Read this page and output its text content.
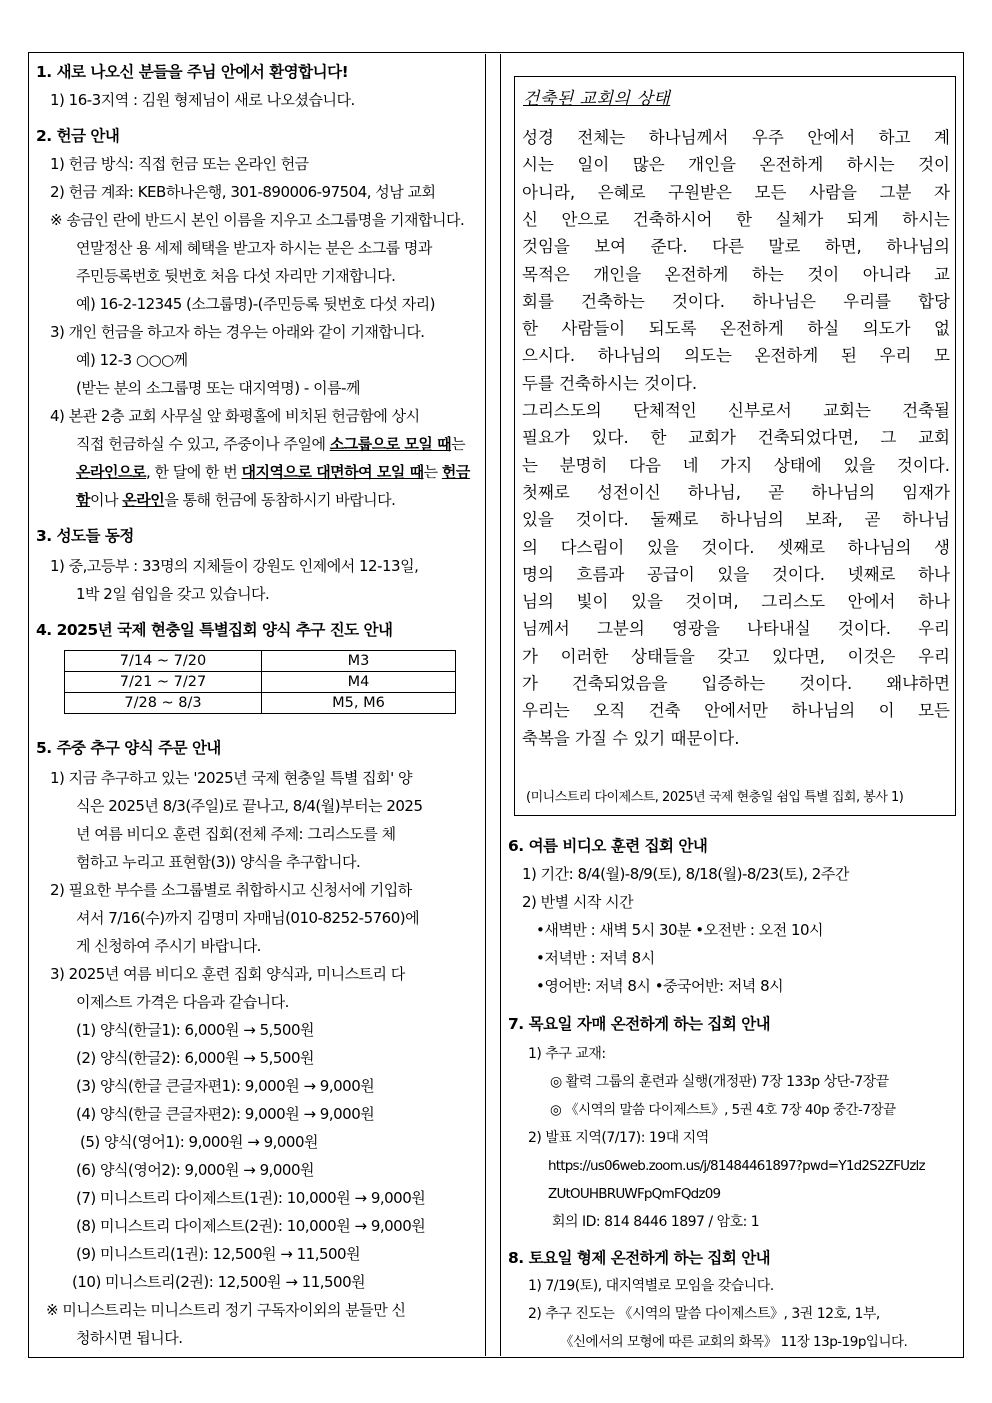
1. 새로 나오신 분들을 주님 안에서 환영합니다!
1) 16-3지역 : 김원 형제님이 새로 나오셨습니다.
2. 헌금 안내
1) 헌금 방식: 직접 헌금 또는 온라인 헌금
2) 헌금 계좌: KEB하나은행, 301-890006-97504, 성남 교회
※ 송금인 란에 반드시 본인 이름을 지우고 소그룹명을 기재합니다.
연말정산 용 세제 혜택을 받고자 하시는 분은 소그룹 명과
주민등록번호 뒷번호 처음 다섯 자리만 기재합니다.
예) 16-2-12345 (소그룹명)-(주민등록 뒷번호 다섯 자리)
3) 개인 헌금을 하고자 하는 경우는 아래와 같이 기재합니다.
예) 12-3 ○○○께
(받는 분의 소그룹명 또는 대지역명) - 이름-께
4) 본관 2층 교회 사무실 앞 화평홀에 비치된 헌금함에 상시
직접 헌금하실 수 있고, 주중이나 주일에 소그룹으로 모일 때는
온라인으로, 한 달에 한 번 대지역으로 대면하여 모일 때는 헌금
함이나 온라인을 통해 헌금에 동참하시기 바랍니다.
3. 성도들 동정
1) 중,고등부 : 33명의 지체들이 강원도 인제에서 12-13일,
1박 2일 쉼입을 갖고 있습니다.
4. 2025년 국제 현충일 특별집회 양식 추구 진도 안내
7/14 ~ 7/20	M3
7/21 ~ 7/27	M4
7/28 ~ 8/3	M5, M6
5. 주중 추구 양식 주문 안내
1) 지금 추구하고 있는 '2025년 국제 현충일 특별 집회' 양
식은 2025년 8/3(주일)로 끝나고, 8/4(월)부터는 2025
년 여름 비디오 훈련 집회(전체 주제: 그리스도를 체
험하고 누리고 표현함(3)) 양식을 추구합니다.
2) 필요한 부수를 소그룹별로 취합하시고 신청서에 기입하
셔서 7/16(수)까지 김명미 자매님(010-8252-5760)에
게 신청하여 주시기 바랍니다.
3) 2025년 여름 비디오 훈련 집회 양식과, 미니스트리 다
이제스트 가격은 다음과 같습니다.
(1) 양식(한글1): 6,000원 → 5,500원
(2) 양식(한글2): 6,000원 → 5,500원
(3) 양식(한글 큰글자편1): 9,000원 → 9,000원
(4) 양식(한글 큰글자편2): 9,000원 → 9,000원
(5) 양식(영어1): 9,000원 → 9,000원
(6) 양식(영어2): 9,000원 → 9,000원
(7) 미니스트리 다이제스트(1권): 10,000원 → 9,000원
(8) 미니스트리 다이제스트(2권): 10,000원 → 9,000원
(9) 미니스트리(1권): 12,500원 → 11,500원
(10) 미니스트리(2권): 12,500원 → 11,500원
※ 미니스트리는 미니스트리 정기 구독자이외의 분들만 신
청하시면 됩니다.
건축된 교회의 상태
성경 전체는 하나님께서 우주 안에서 하고 계
시는 일이 많은 개인을 온전하게 하시는 것이
아니라, 은혜로 구원받은 모든 사람을 그분 자
신 안으로 건축하시어 한 실체가 되게 하시는
것임을 보여 준다. 다른 말로 하면, 하나님의
목적은 개인을 온전하게 하는 것이 아니라 교
회를 건축하는 것이다. 하나님은 우리를 합당
한 사람들이 되도록 온전하게 하실 의도가 없
으시다. 하나님의 의도는 온전하게 된 우리 모
두를 건축하시는 것이다.
그리스도의 단체적인 신부로서 교회는 건축될
필요가 있다. 한 교회가 건축되었다면, 그 교회
는 분명히 다음 네 가지 상태에 있을 것이다.
첫째로 성전이신 하나님, 곧 하나님의 임재가
있을 것이다. 둘째로 하나님의 보좌, 곧 하나님
의 다스림이 있을 것이다. 셋째로 하나님의 생
명의 흐름과 공급이 있을 것이다. 넷째로 하나
님의 빛이 있을 것이며, 그리스도 안에서 하나
님께서 그분의 영광을 나타내실 것이다. 우리
가 이러한 상태들을 갖고 있다면, 이것은 우리
가 건축되었음을 입증하는 것이다. 왜냐하면
우리는 오직 건축 안에서만 하나님의 이 모든
축복을 가질 수 있기 때문이다.
(미니스트리 다이제스트, 2025년 국제 현충일 쉼입 특별 집회, 봉사 1)
6. 여름 비디오 훈련 집회 안내
1) 기간: 8/4(월)-8/9(토), 8/18(월)-8/23(토), 2주간
2) 반별 시작 시간
•새벽반 : 새벽 5시 30분 •오전반 : 오전 10시
•저녁반 : 저녁 8시
•영어반: 저녁 8시 •중국어반: 저녁 8시
7. 목요일 자매 온전하게 하는 집회 안내
1) 추구 교재:
◎ 활력 그룹의 훈련과 실행(개정판) 7장 133p 상단-7장끝
◎ 《시역의 말씀 다이제스트》, 5권 4호 7장 40p 중간-7장끝
2) 발표 지역(7/17): 19대 지역
https://us06web.zoom.us/j/81484461897?pwd=Y1d2S2ZFUzlz
ZUtOUHBRUWFpQmFQdz09
회의 ID: 814 8446 1897 / 암호: 1
8. 토요일 형제 온전하게 하는 집회 안내
1) 7/19(토), 대지역별로 모임을 갖습니다.
2) 추구 진도는 《시역의 말씀 다이제스트》, 3권 12호, 1부,
《신에서의 모형에 따른 교회의 화목》 11장 13p-19p입니다.
